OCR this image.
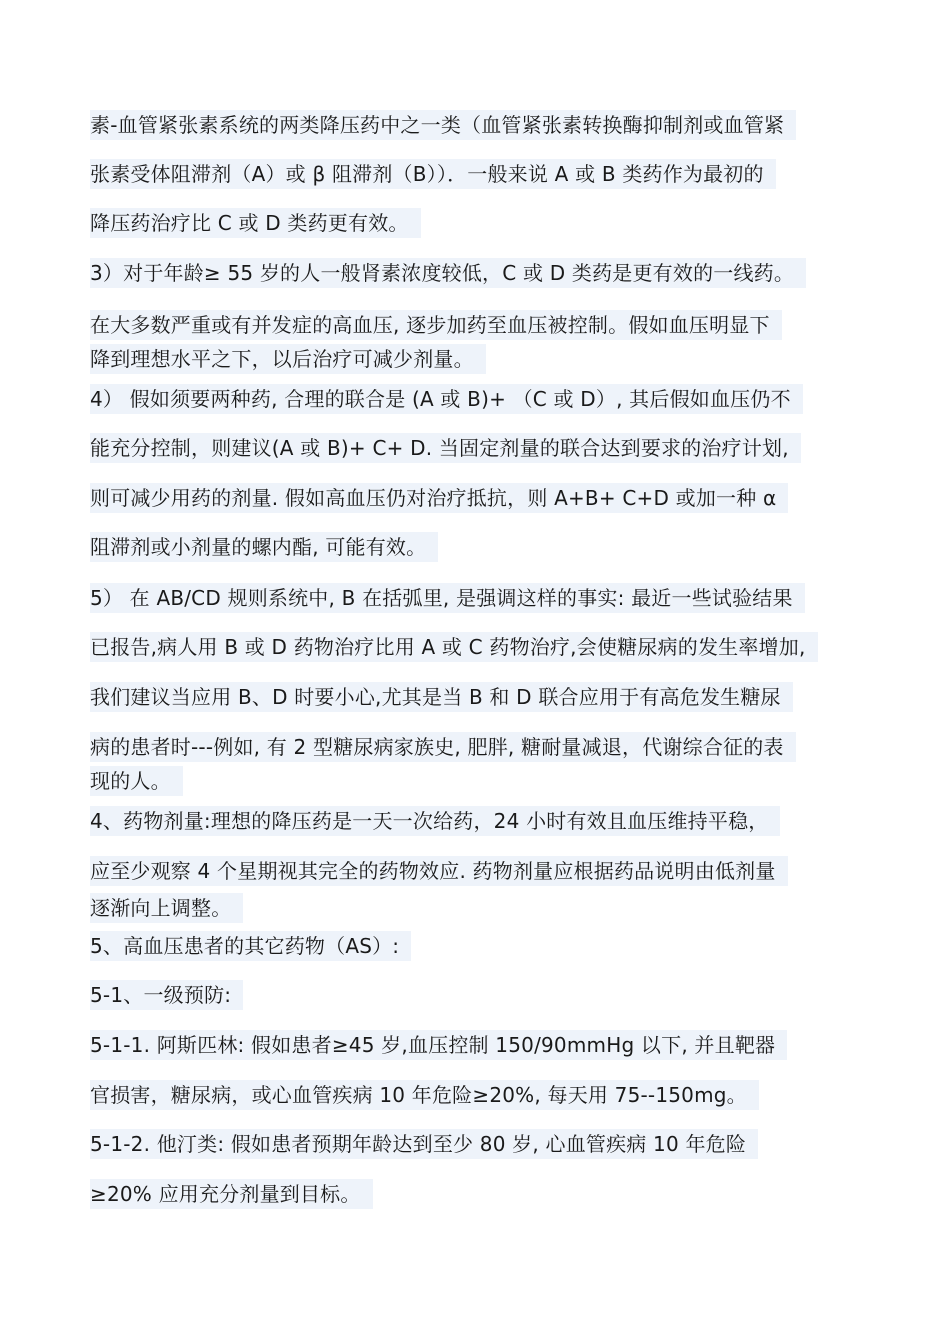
素-血管紧张素系统的两类降压药中之一类（血管紧张素转换酶抑制剂或血管紧
张素受体阻滞剂（A）或 β 阻滞剂（B））．一般来说 A 或 B 类药作为最初的
降压药治疗比 C 或 D 类药更有效。
3）对于年龄≥ 55 岁的人一般肾素浓度较低，C 或 D 类药是更有效的一线药。
在大多数严重或有并发症的高血压, 逐步加药至血压被控制。假如血压明显下
降到理想水平之下，以后治疗可减少剂量。
4） 假如须要两种药, 合理的联合是 (A 或 B)+ （C 或 D）, 其后假如血压仍不
能充分控制，则建议(A 或 B)+ C+ D. 当固定剂量的联合达到要求的治疗计划,
则可减少用药的剂量. 假如高血压仍对治疗抵抗，则 A+B+ C+D 或加一种 α
阻滞剂或小剂量的螺内酯, 可能有效。
5） 在 AB/CD 规则系统中, B 在括弧里, 是强调这样的事实: 最近一些试验结果
已报告,病人用 B 或 D 药物治疗比用 A 或 C 药物治疗,会使糖尿病的发生率增加,
我们建议当应用 B、D 时要小心,尤其是当 B 和 D 联合应用于有高危发生糖尿
病的患者时---例如, 有 2 型糖尿病家族史, 肥胖, 糖耐量减退，代谢综合征的表
现的人。
4、药物剂量:理想的降压药是一天一次给药，24 小时有效且血压维持平稳，
应至少观察 4 个星期视其完全的药物效应. 药物剂量应根据药品说明由低剂量
逐渐向上调整。
5、高血压患者的其它药物（AS）:
5-1、一级预防:
5-1-1. 阿斯匹林: 假如患者≥45 岁,血压控制 150/90mmHg 以下, 并且靶器
官损害，糖尿病，或心血管疾病 10 年危险≥20%, 每天用 75--150mg。
5-1-2. 他汀类: 假如患者预期年龄达到至少 80 岁, 心血管疾病 10 年危险
≥20% 应用充分剂量到目标。
